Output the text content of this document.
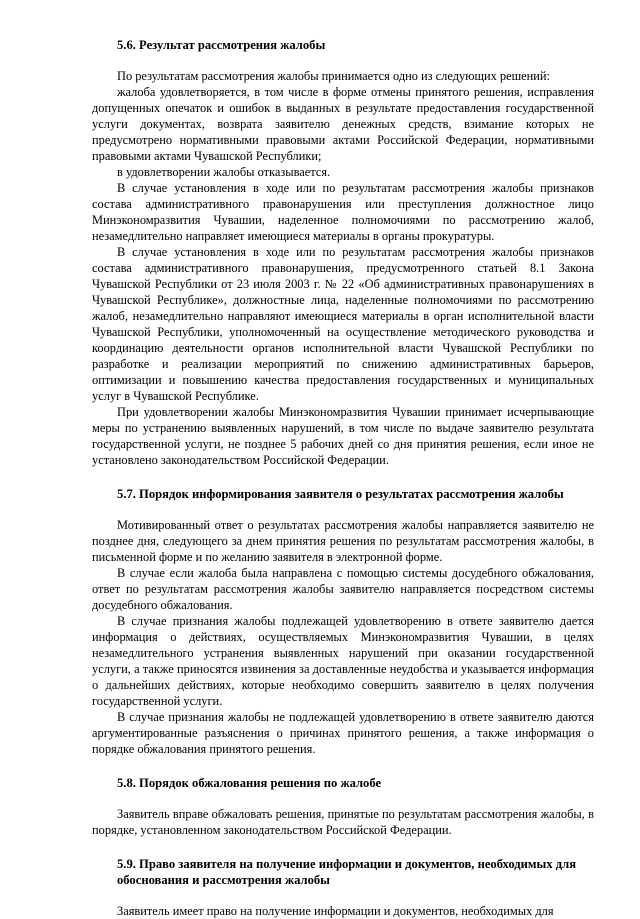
5.6. Результат рассмотрения жалобы

По результатам рассмотрения жалобы принимается одно из следующих решений:

жалоба удовлетворяется, в том числе в форме отмены принятого решения, исправления допущенных опечаток и ошибок в выданных в результате предоставления государственной услуги документах, возврата заявителю денежных средств, взимание которых не предусмотрено нормативными правовыми актами Российской Федерации, нормативными правовыми актами Чувашской Республики;

в удовлетворении жалобы отказывается.

В случае установления в ходе или по результатам рассмотрения жалобы признаков состава административного правонарушения или преступления должностное лицо Минэкономразвития Чувашии, наделенное полномочиями по рассмотрению жалоб, незамедлительно направляет имеющиеся материалы в органы прокуратуры.

В случае установления в ходе или по результатам рассмотрения жалобы признаков состава административного правонарушения, предусмотренного статьей 8.1 Закона Чувашской Республики от 23 июля 2003 г. № 22 «Об административных правонарушениях в Чувашской Республике», должностные лица, наделенные полномочиями по рассмотрению жалоб, незамедлительно направляют имеющиеся материалы в орган исполнительной власти Чувашской Республики, уполномоченный на осуществление методического руководства и координацию деятельности органов исполнительной власти Чувашской Республики по разработке и реализации мероприятий по снижению административных барьеров, оптимизации и повышению качества предоставления государственных и муниципальных услуг в Чувашской Республике.

При удовлетворении жалобы Минэкономразвития Чувашии принимает исчерпывающие меры по устранению выявленных нарушений, в том числе по выдаче заявителю результата государственной услуги, не позднее 5 рабочих дней со дня принятия решения, если иное не установлено законодательством Российской Федерации.

5.7. Порядок информирования заявителя о результатах рассмотрения жалобы

Мотивированный ответ о результатах рассмотрения жалобы направляется заявителю не позднее дня, следующего за днем принятия решения по результатам рассмотрения жалобы, в письменной форме и по желанию заявителя в электронной форме.

В случае если жалоба была направлена с помощью системы досудебного обжалования, ответ по результатам рассмотрения жалобы заявителю направляется посредством системы досудебного обжалования.

В случае признания жалобы подлежащей удовлетворению в ответе заявителю дается информация о действиях, осуществляемых Минэкономразвития Чувашии, в целях незамедлительного устранения выявленных нарушений при оказании государственной услуги, а также приносятся извинения за доставленные неудобства и указывается информация о дальнейших действиях, которые необходимо совершить заявителю в целях получения государственной услуги.

В случае признания жалобы не подлежащей удовлетворению в ответе заявителю даются аргументированные разъяснения о причинах принятого решения, а также информация о порядке обжалования принятого решения.

5.8. Порядок обжалования решения по жалобе

Заявитель вправе обжаловать решения, принятые по результатам рассмотрения жалобы, в порядке, установленном законодательством Российской Федерации.

5.9. Право заявителя на получение информации и документов, необходимых для обоснования и рассмотрения жалобы

Заявитель имеет право на получение информации и документов, необходимых для
